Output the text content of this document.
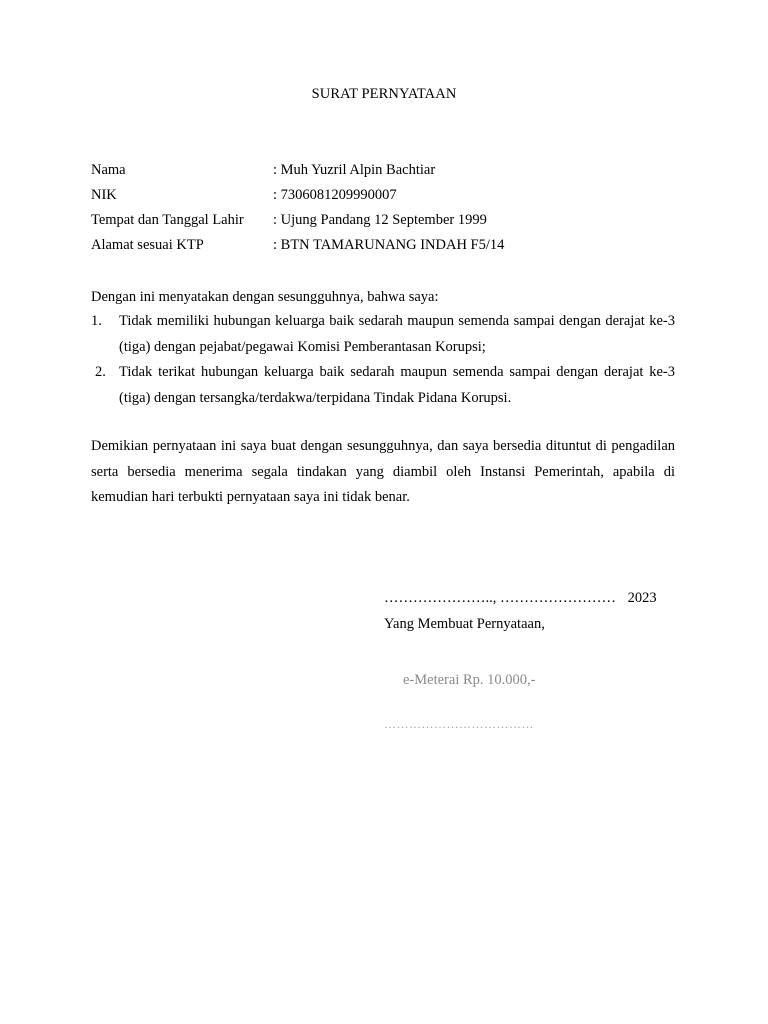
SURAT PERNYATAAN
Nama	: Muh Yuzril Alpin Bachtiar
NIK	: 7306081209990007
Tempat dan Tanggal Lahir	: Ujung Pandang 12 September 1999
Alamat sesuai KTP	: BTN TAMARUNANG INDAH F5/14
Dengan ini menyatakan dengan sesungguhnya, bahwa saya:
1. Tidak memiliki hubungan keluarga baik sedarah maupun semenda sampai dengan derajat ke-3 (tiga) dengan pejabat/pegawai Komisi Pemberantasan Korupsi;
2. Tidak terikat hubungan keluarga baik sedarah maupun semenda sampai dengan derajat ke-3 (tiga) dengan tersangka/terdakwa/terpidana Tindak Pidana Korupsi.
Demikian pernyataan ini saya buat dengan sesungguhnya, dan saya bersedia dituntut di pengadilan serta bersedia menerima segala tindakan yang diambil oleh Instansi Pemerintah, apabila di kemudian hari terbukti pernyataan saya ini tidak benar.
………………….., …………………… 2023
Yang Membuat Pernyataan,
e-Meterai Rp. 10.000,-
………………………………
